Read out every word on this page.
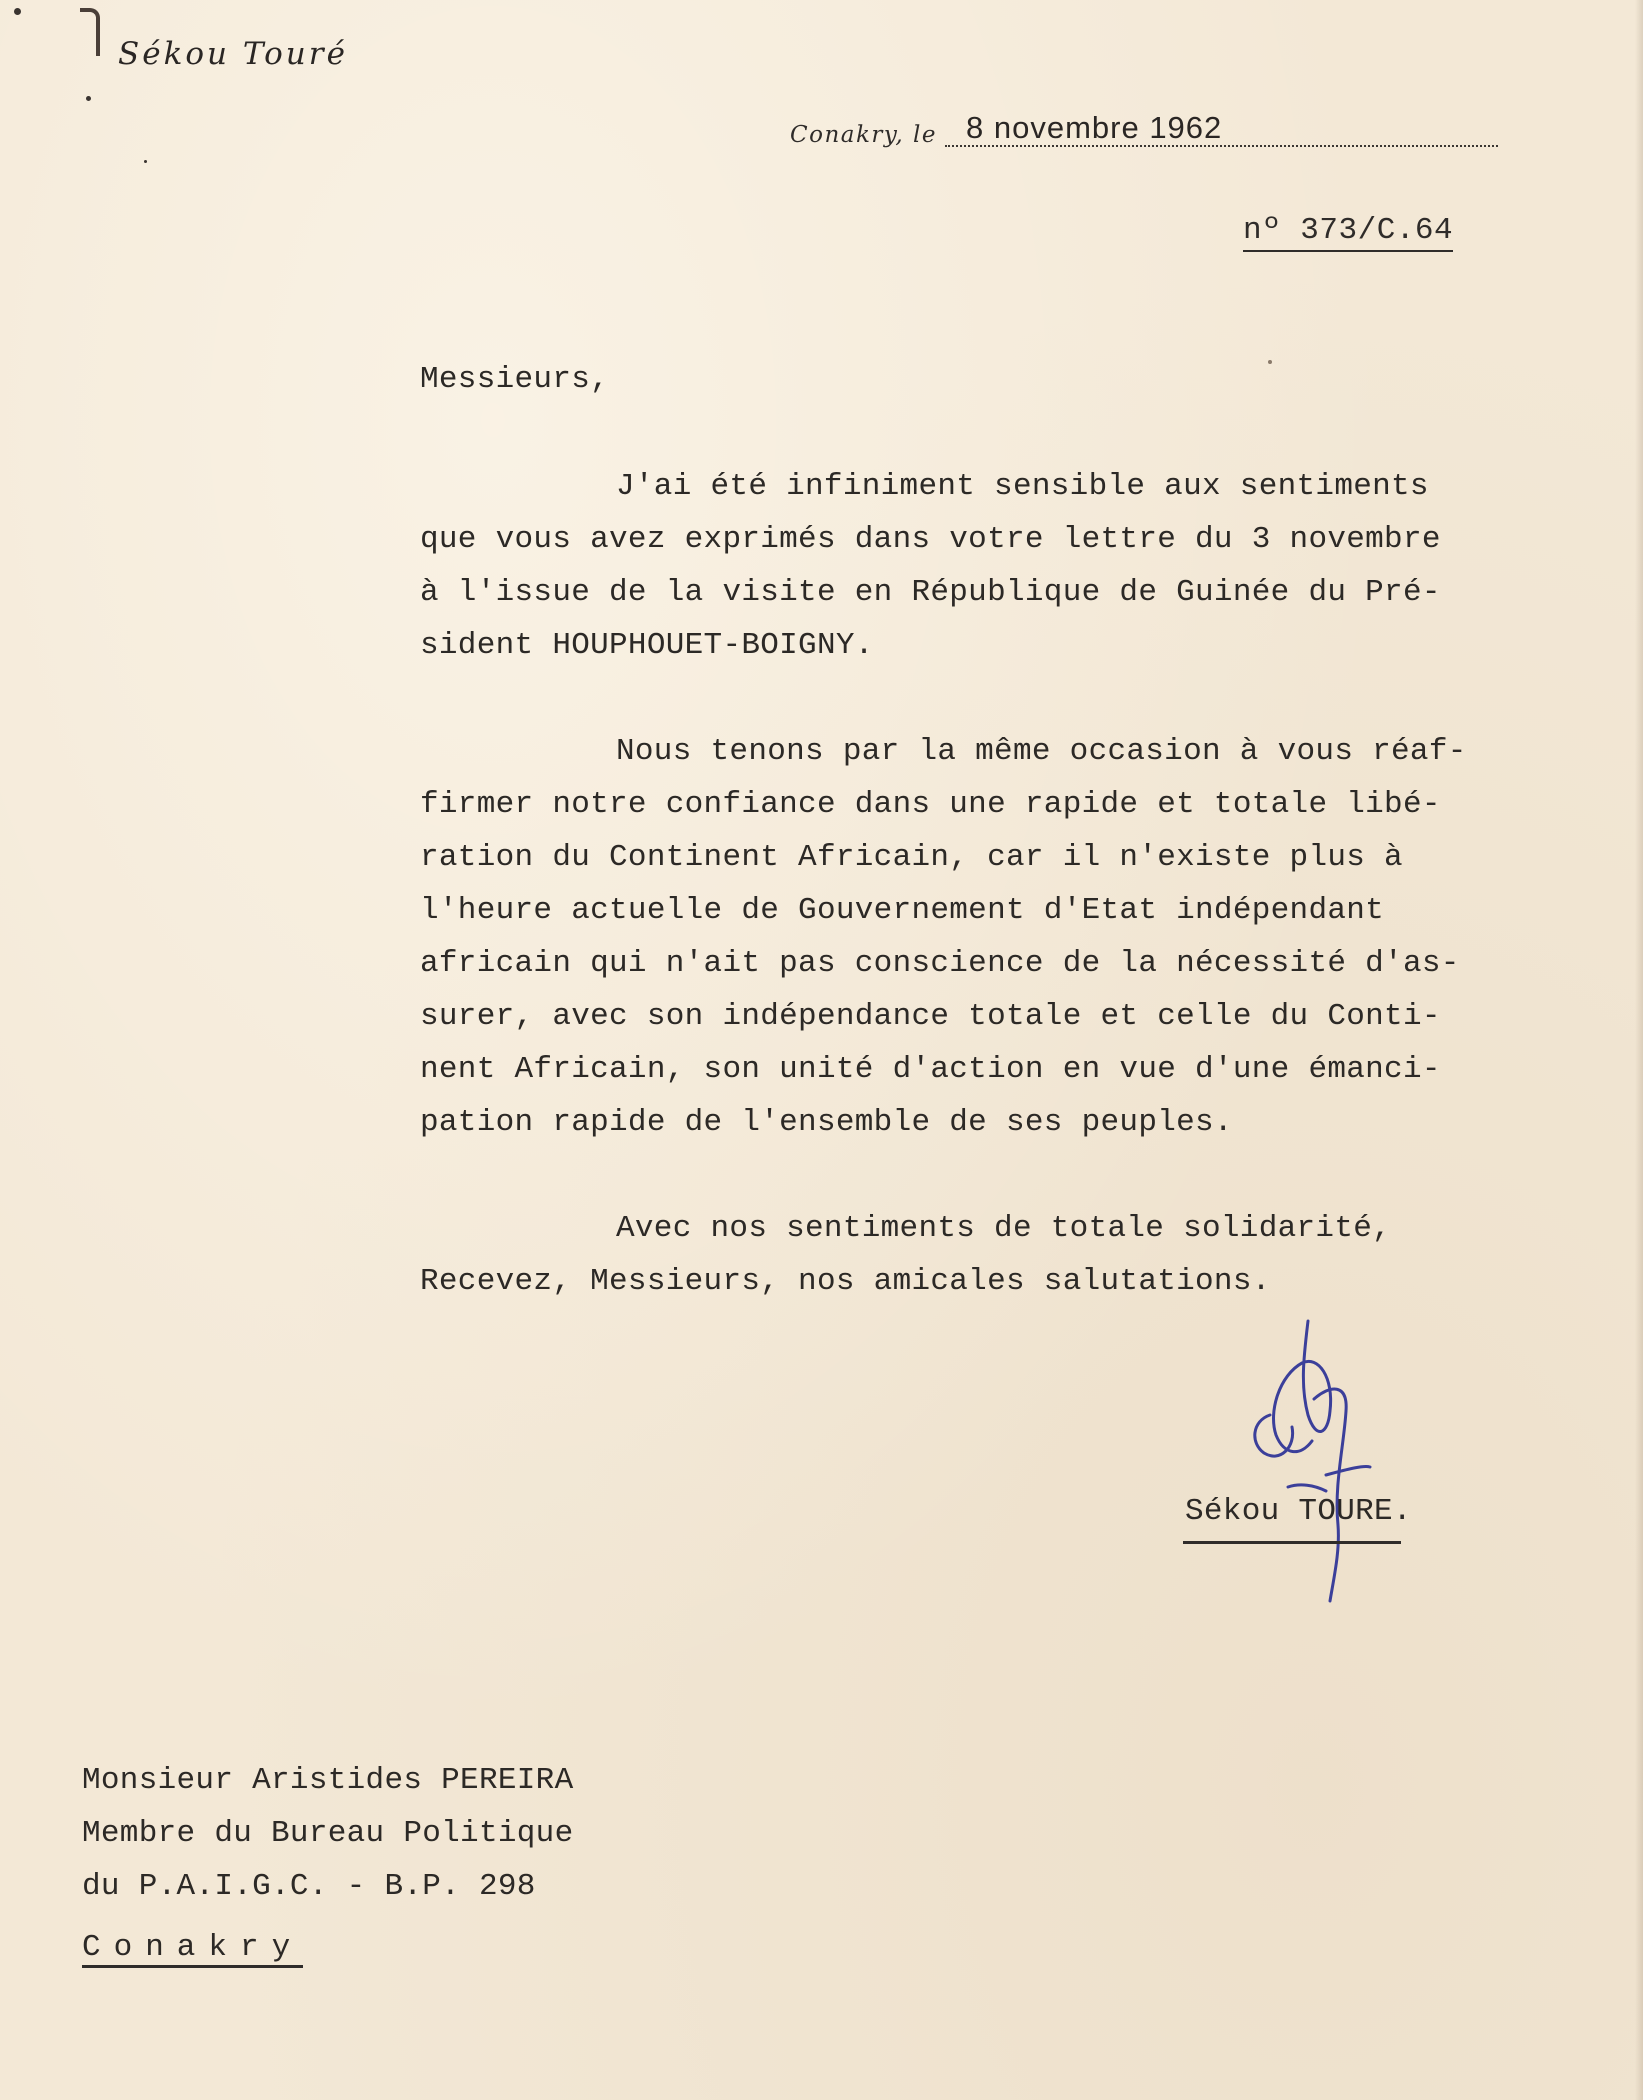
Sékou Touré
Conakry, le 8 novembre 1962
nº 373/C.64
Messieurs,
J'ai été infiniment sensible aux sentiments
que vous avez exprimés dans votre lettre du 3 novembre
à l'issue de la visite en République de Guinée du Pré-
sident HOUPHOUET-BOIGNY.
Nous tenons par la même occasion à vous réaf-
firmer notre confiance dans une rapide et totale libé-
ration du Continent Africain, car il n'existe plus à
l'heure actuelle de Gouvernement d'Etat indépendant
africain qui n'ait pas conscience de la nécessité d'as-
surer, avec son indépendance totale et celle du Conti-
nent Africain, son unité d'action en vue d'une émanci-
pation rapide de l'ensemble de ses peuples.
Avec nos sentiments de totale solidarité,
Recevez, Messieurs, nos amicales salutations.
Sékou TOURE.
Monsieur Aristides PEREIRA
Membre du Bureau Politique
du P.A.I.G.C. - B.P. 298
Conakry
